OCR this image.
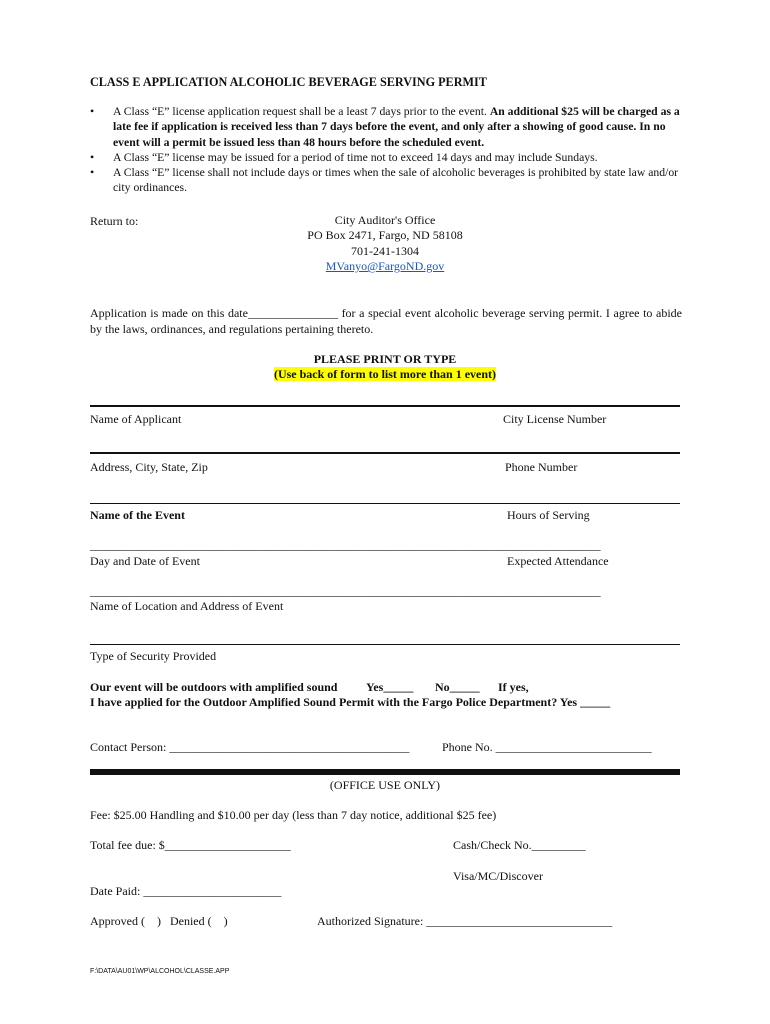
CLASS E APPLICATION ALCOHOLIC BEVERAGE SERVING PERMIT
• A Class “E” license application request shall be a least 7 days prior to the event. An additional $25 will be charged as a late fee if application is received less than 7 days before the event, and only after a showing of good cause. In no event will a permit be issued less than 48 hours before the scheduled event.
• A Class “E” license may be issued for a period of time not to exceed 14 days and may include Sundays.
• A Class “E” license shall not include days or times when the sale of alcoholic beverages is prohibited by state law and/or city ordinances.
Return to:	City Auditor's Office
PO Box 2471, Fargo, ND 58108
701-241-1304
MVanyo@FargoND.gov
Application is made on this date_______________ for a special event alcoholic beverage serving permit. I agree to abide by the laws, ordinances, and regulations pertaining thereto.
PLEASE PRINT OR TYPE
(Use back of form to list more than 1 event)
Name of Applicant	City License Number
Address, City, State, Zip	Phone Number
Name of the Event	Hours of Serving
________________________________________________________________________________________
Day and Date of Event	Expected Attendance
________________________________________________________________________________________
Name of Location and Address of Event
Type of Security Provided
Our event will be outdoors with amplified sound Yes_____ No_____ If yes,
I have applied for the Outdoor Amplified Sound Permit with the Fargo Police Department? Yes _____
Contact Person: ________________________________________	Phone No. __________________________
(OFFICE USE ONLY)
Fee: $25.00 Handling and $10.00 per day (less than 7 day notice, additional $25 fee)
Total fee due: $_____________________	Cash/Check No._________
Visa/MC/Discover
Date Paid: _______________________
Approved (    )   Denied (    )	Authorized Signature: _______________________________
F:\DATA\AU01\WP\ALCOHOL\CLASSE.APP
